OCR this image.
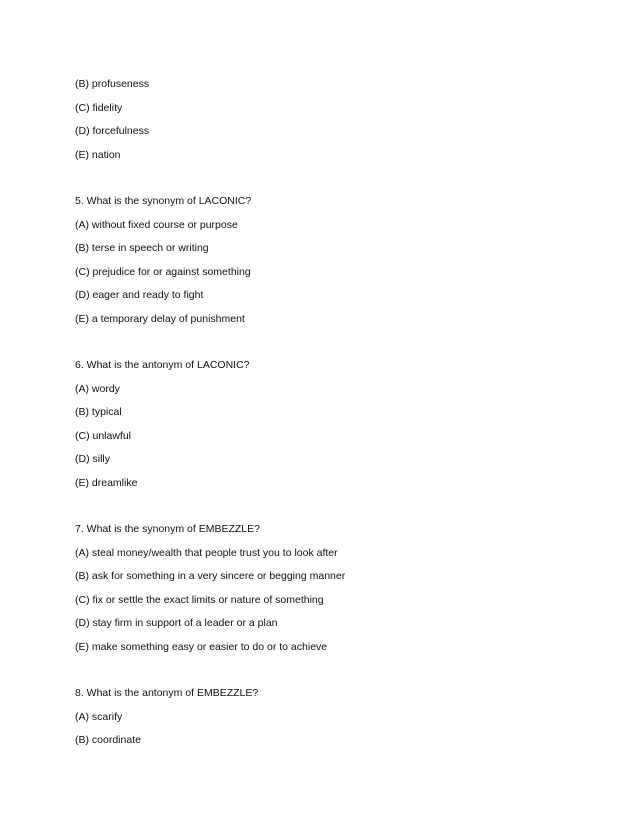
(B) profuseness
(C) fidelity
(D) forcefulness
(E) nation
5. What is the synonym of LACONIC?
(A) without fixed course or purpose
(B) terse in speech or writing
(C) prejudice for or against something
(D) eager and ready to fight
(E) a temporary delay of punishment
6. What is the antonym of LACONIC?
(A) wordy
(B) typical
(C) unlawful
(D) silly
(E) dreamlike
7. What is the synonym of EMBEZZLE?
(A) steal money/wealth that people trust you to look after
(B) ask for something in a very sincere or begging manner
(C) fix or settle the exact limits or nature of something
(D) stay firm in support of a leader or a plan
(E) make something easy or easier to do or to achieve
8. What is the antonym of EMBEZZLE?
(A) scarify
(B) coordinate
